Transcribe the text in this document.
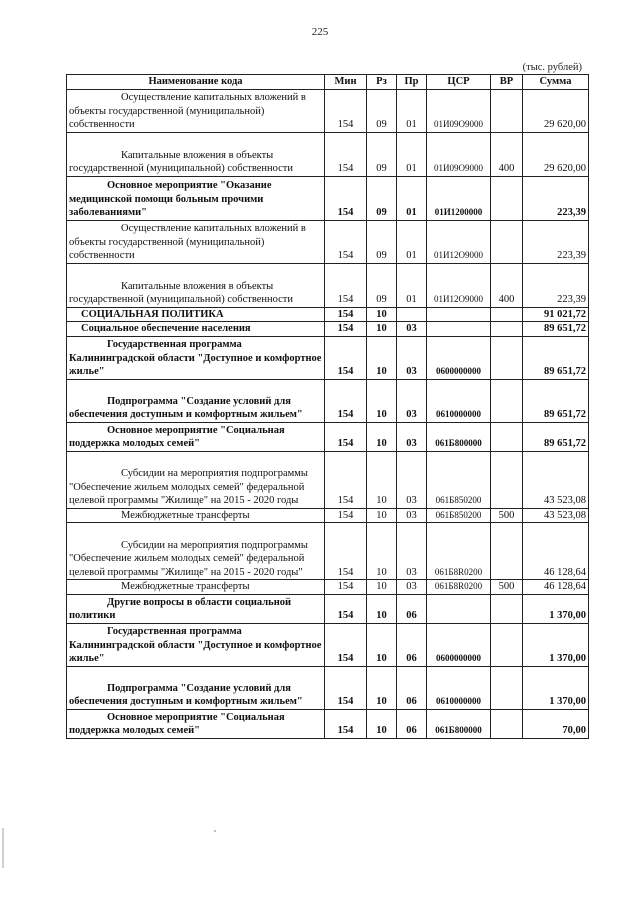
225
(тыс. рублей)
Наименование кода	Мин	Рз	Пр	ЦСР	ВР	Сумма
Осуществление капитальных вложений в объекты государственной (муниципальной) собственности	154	09	01	01И09О9000		29 620,00
Капитальные вложения в объекты государственной (муниципальной) собственности	154	09	01	01И09О9000	400	29 620,00
Основное мероприятие "Оказание медицинской помощи больным прочими заболеваниями"	154	09	01	01И1200000		223,39
Осуществление капитальных вложений в объекты государственной (муниципальной) собственности	154	09	01	01И12О9000		223,39
Капитальные вложения в объекты государственной (муниципальной) собственности	154	09	01	01И12О9000	400	223,39
СОЦИАЛЬНАЯ ПОЛИТИКА	154	10				91 021,72
Социальное обеспечение населения	154	10	03			89 651,72
Государственная программа Калининградской области "Доступное и комфортное жилье"	154	10	03	0600000000		89 651,72
Подпрограмма "Создание условий для обеспечения доступным и комфортным жильем"	154	10	03	0610000000		89 651,72
Основное мероприятие "Социальная поддержка молодых семей"	154	10	03	061Б800000		89 651,72
Субсидии на мероприятия подпрограммы "Обеспечение жильем молодых семей" федеральной целевой программы "Жилище" на 2015 - 2020 годы	154	10	03	061Б850200		43 523,08
Межбюджетные трансферты	154	10	03	061Б850200	500	43 523,08
Субсидии на мероприятия подпрограммы "Обеспечение жильем молодых семей" федеральной целевой программы "Жилище" на 2015 - 2020 годы"	154	10	03	061Б8R0200		46 128,64
Межбюджетные трансферты	154	10	03	061Б8R0200	500	46 128,64
Другие вопросы в области социальной политики	154	10	06			1 370,00
Государственная программа Калининградской области "Доступное и комфортное жилье"	154	10	06	0600000000		1 370,00
Подпрограмма "Создание условий для обеспечения доступным и комфортным жильем"	154	10	06	0610000000		1 370,00
Основное мероприятие "Социальная поддержка молодых семей"	154	10	06	061Б800000		70,00
